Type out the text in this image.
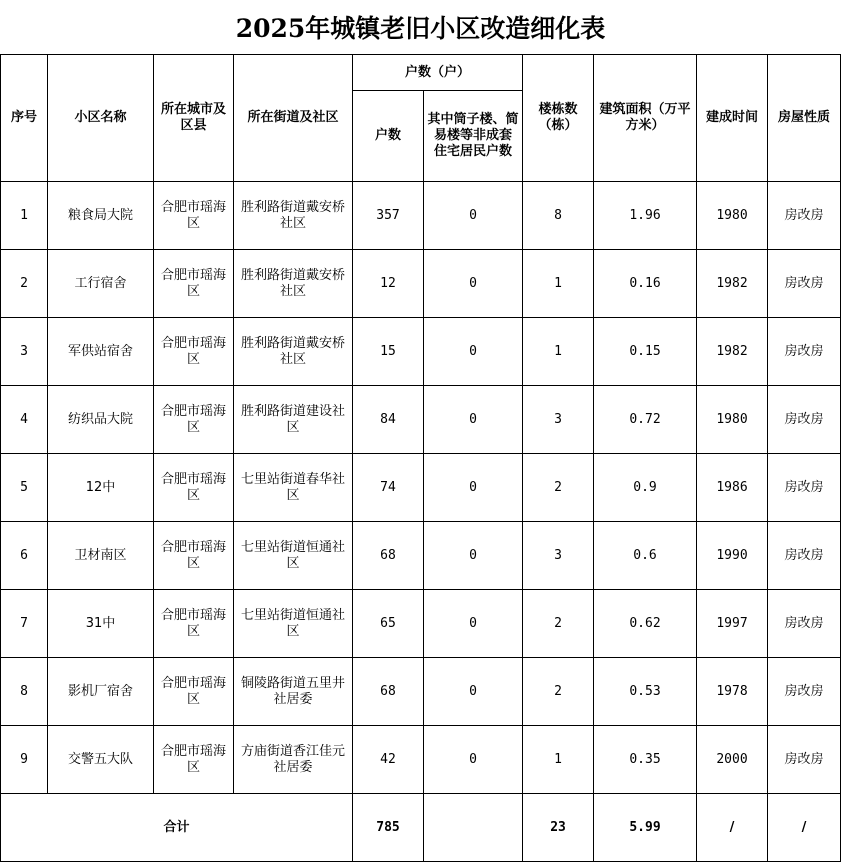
2025年城镇老旧小区改造细化表
序号	小区名称	所在城市及区县	所在街道及社区	户数（户）		楼栋数（栋）	建筑面积（万平方米）	建成时间	房屋性质
				户数	其中筒子楼、简易楼等非成套 住宅居民户数				
1	粮食局大院	合肥市瑶海区	胜利路街道戴安桥社区	357	0	8	1.96	1980	房改房
2	工行宿舍	合肥市瑶海区	胜利路街道戴安桥社区	12	0	1	0.16	1982	房改房
3	军供站宿舍	合肥市瑶海区	胜利路街道戴安桥社区	15	0	1	0.15	1982	房改房
4	纺织品大院	合肥市瑶海区	胜利路街道建设社区	84	0	3	0.72	1980	房改房
5	12中	合肥市瑶海区	七里站街道春华社区	74	0	2	0.9	1986	房改房
6	卫材南区	合肥市瑶海区	七里站街道恒通社区	68	0	3	0.6	1990	房改房
7	31中	合肥市瑶海区	七里站街道恒通社区	65	0	2	0.62	1997	房改房
8	影机厂宿舍	合肥市瑶海区	铜陵路街道五里井社居委	68	0	2	0.53	1978	房改房
9	交警五大队	合肥市瑶海区	方庙街道香江佳元社居委	42	0	1	0.35	2000	房改房
合计				785		23	5.99	/	/
